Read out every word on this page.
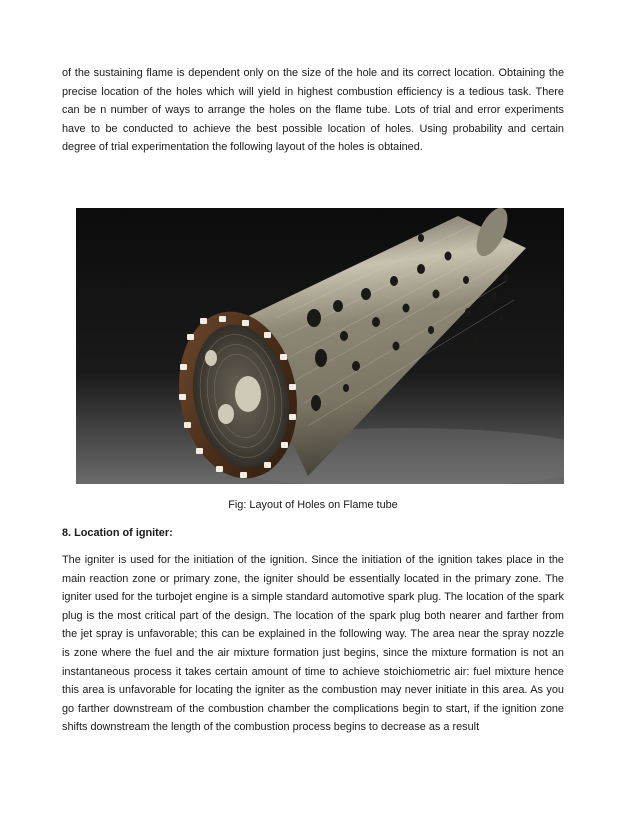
of the sustaining flame is dependent only on the size of the hole and its correct location. Obtaining the precise location of the holes which will yield in highest combustion efficiency is a tedious task. There can be n number of ways to arrange the holes on the flame tube. Lots of trial and error experiments have to be conducted to achieve the best possible location of holes. Using probability and certain degree of trial experimentation the following layout of the holes is obtained.

Fig: Layout of Holes on Flame tube

8. Location of igniter:

The igniter is used for the initiation of the ignition. Since the initiation of the ignition takes place in the main reaction zone or primary zone, the igniter should be essentially located in the primary zone. The igniter used for the turbojet engine is a simple standard automotive spark plug. The location of the spark plug is the most critical part of the design. The location of the spark plug both nearer and farther from the jet spray is unfavorable; this can be explained in the following way. The area near the spray nozzle is zone where the fuel and the air mixture formation just begins, since the mixture formation is not an instantaneous process it takes certain amount of time to achieve stoichiometric air: fuel mixture hence this area is unfavorable for locating the igniter as the combustion may never initiate in this area. As you go farther downstream of the combustion chamber the complications begin to start, if the ignition zone shifts downstream the length of the combustion process begins to decrease as a result
